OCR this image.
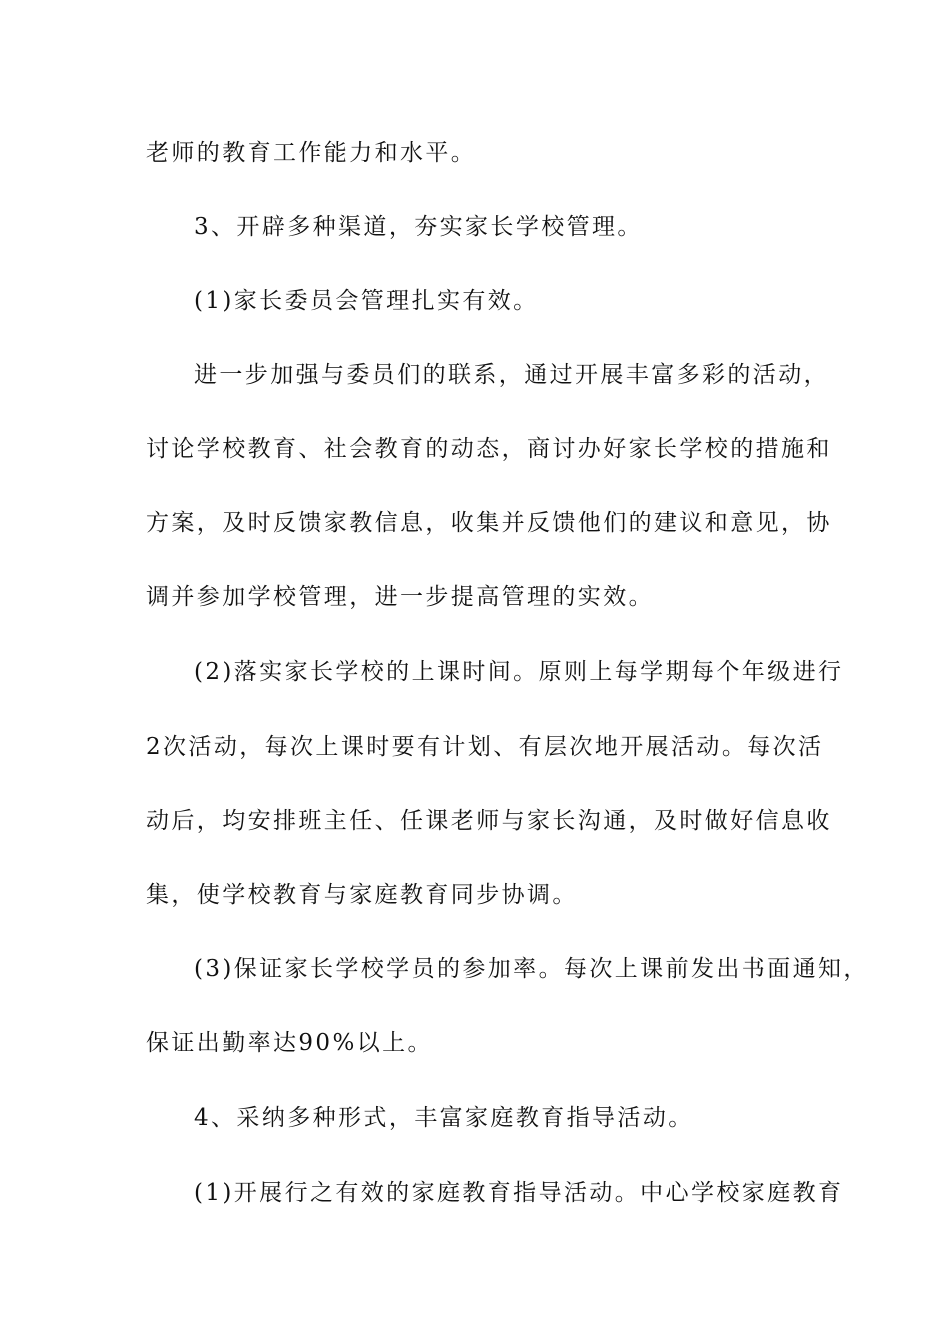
老师的教育工作能力和水平。
3、开辟多种渠道，夯实家长学校管理。
(1)家长委员会管理扎实有效。
进一步加强与委员们的联系，通过开展丰富多彩的活动，
讨论学校教育、社会教育的动态，商讨办好家长学校的措施和
方案，及时反馈家教信息，收集并反馈他们的建议和意见，协
调并参加学校管理，进一步提高管理的实效。
(2)落实家长学校的上课时间。原则上每学期每个年级进行
2次活动，每次上课时要有计划、有层次地开展活动。每次活
动后，均安排班主任、任课老师与家长沟通，及时做好信息收
集，使学校教育与家庭教育同步协调。
(3)保证家长学校学员的参加率。每次上课前发出书面通知，
保证出勤率达90%以上。
4、采纳多种形式，丰富家庭教育指导活动。
(1)开展行之有效的家庭教育指导活动。中心学校家庭教育
